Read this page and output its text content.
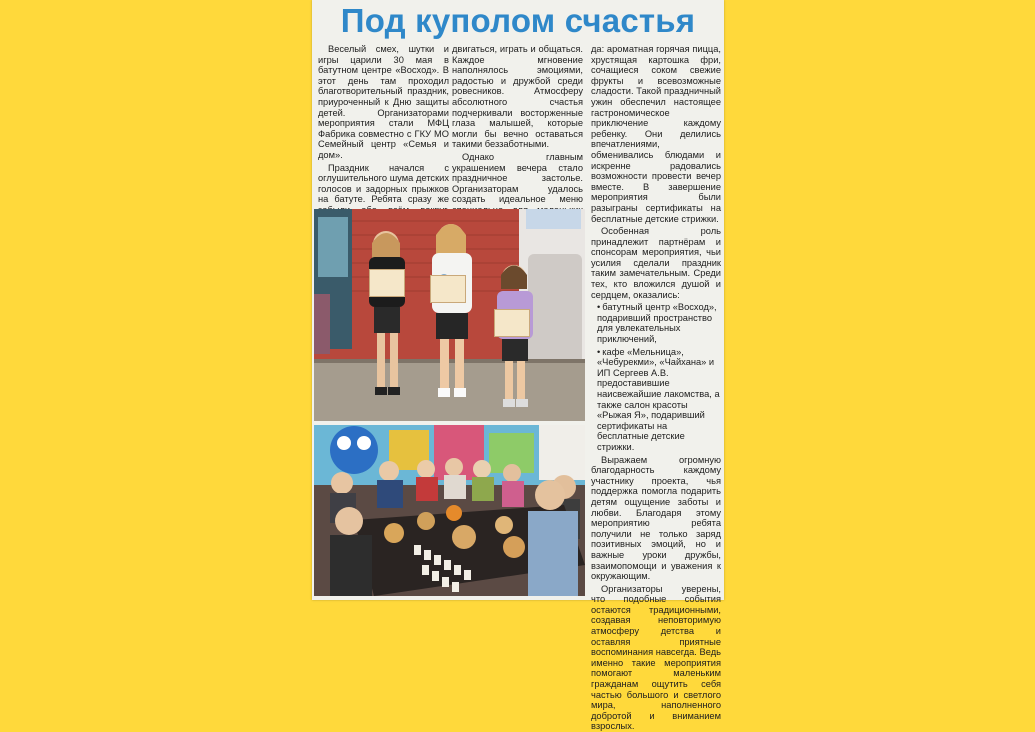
Под куполом счастья

Веселый смех, шутки и игры царили 30 мая в батутном центре «Восход». В этот день там проходил благотворительный праздник, приуроченный к Дню защиты детей. Организаторами мероприятия стали МФЦ Фабрика совместно с ГКУ МО Семейный центр «Семья и дом».

Праздник начался с оглушительного шума детских голосов и задорных прыжков на батуте. Ребята сразу же

двигаться, играть и общаться. Каждое мгновение наполнялось эмоциями, радостью и дружбой среди ровесников. Атмосферу абсолютного счастья подчеркивали восторженные глаза малышей, которые могли бы вечно оставаться такими беззаботными.

Однако главным украшением вечера стало праздничное застолье. Организаторам удалось создать идеальное меню

да: ароматная горячая пицца, хрустящая картошка фри, сочащиеся соком свежие фрукты и всевозможные сладости. Такой праздничный ужин обеспечил настоящее гастрономическое приключение каждому ребенку. Они делились впечатлениями, обменивались блюдами и искренне радовались возможности провести вечер вместе. В завершение мероприятия были разыграны сертификаты на бесплатные детские стрижки.

Особенная роль принадлежит партнёрам и спонсорам мероприятия, чьи усилия сделали праздник таким замечательным. Среди тех, кто вложился душой и сердцем, оказались:

• батутный центр «Восход», подаривший пространство для увлекательных приключений,

• кафе «Мельница», «Чебурекми», «Чайхана» и ИП Сергеев А.В. предоставившие наисвежайшие лакомства, а также салон красоты «Рыжая Я», подаривший сертификаты на бесплатные детские стрижки.

Выражаем огромную благодарность каждому участнику проекта, чья поддержка помогла подарить детям ощущение заботы и любви. Благодаря этому мероприятию ребята получили не только заряд позитивных эмоций, но и важные уроки дружбы, взаимопомощи и уважения к окружающим.

Организаторы уверены, что подобные события остаются традиционными, создавая неповторимую атмосферу детства и оставляя приятные воспоминания навсегда. Ведь именно такие мероприятия помогают маленьким гражданам ощутить себя частью большого и светлого мира, наполненного добротой и вниманием взрослых.
